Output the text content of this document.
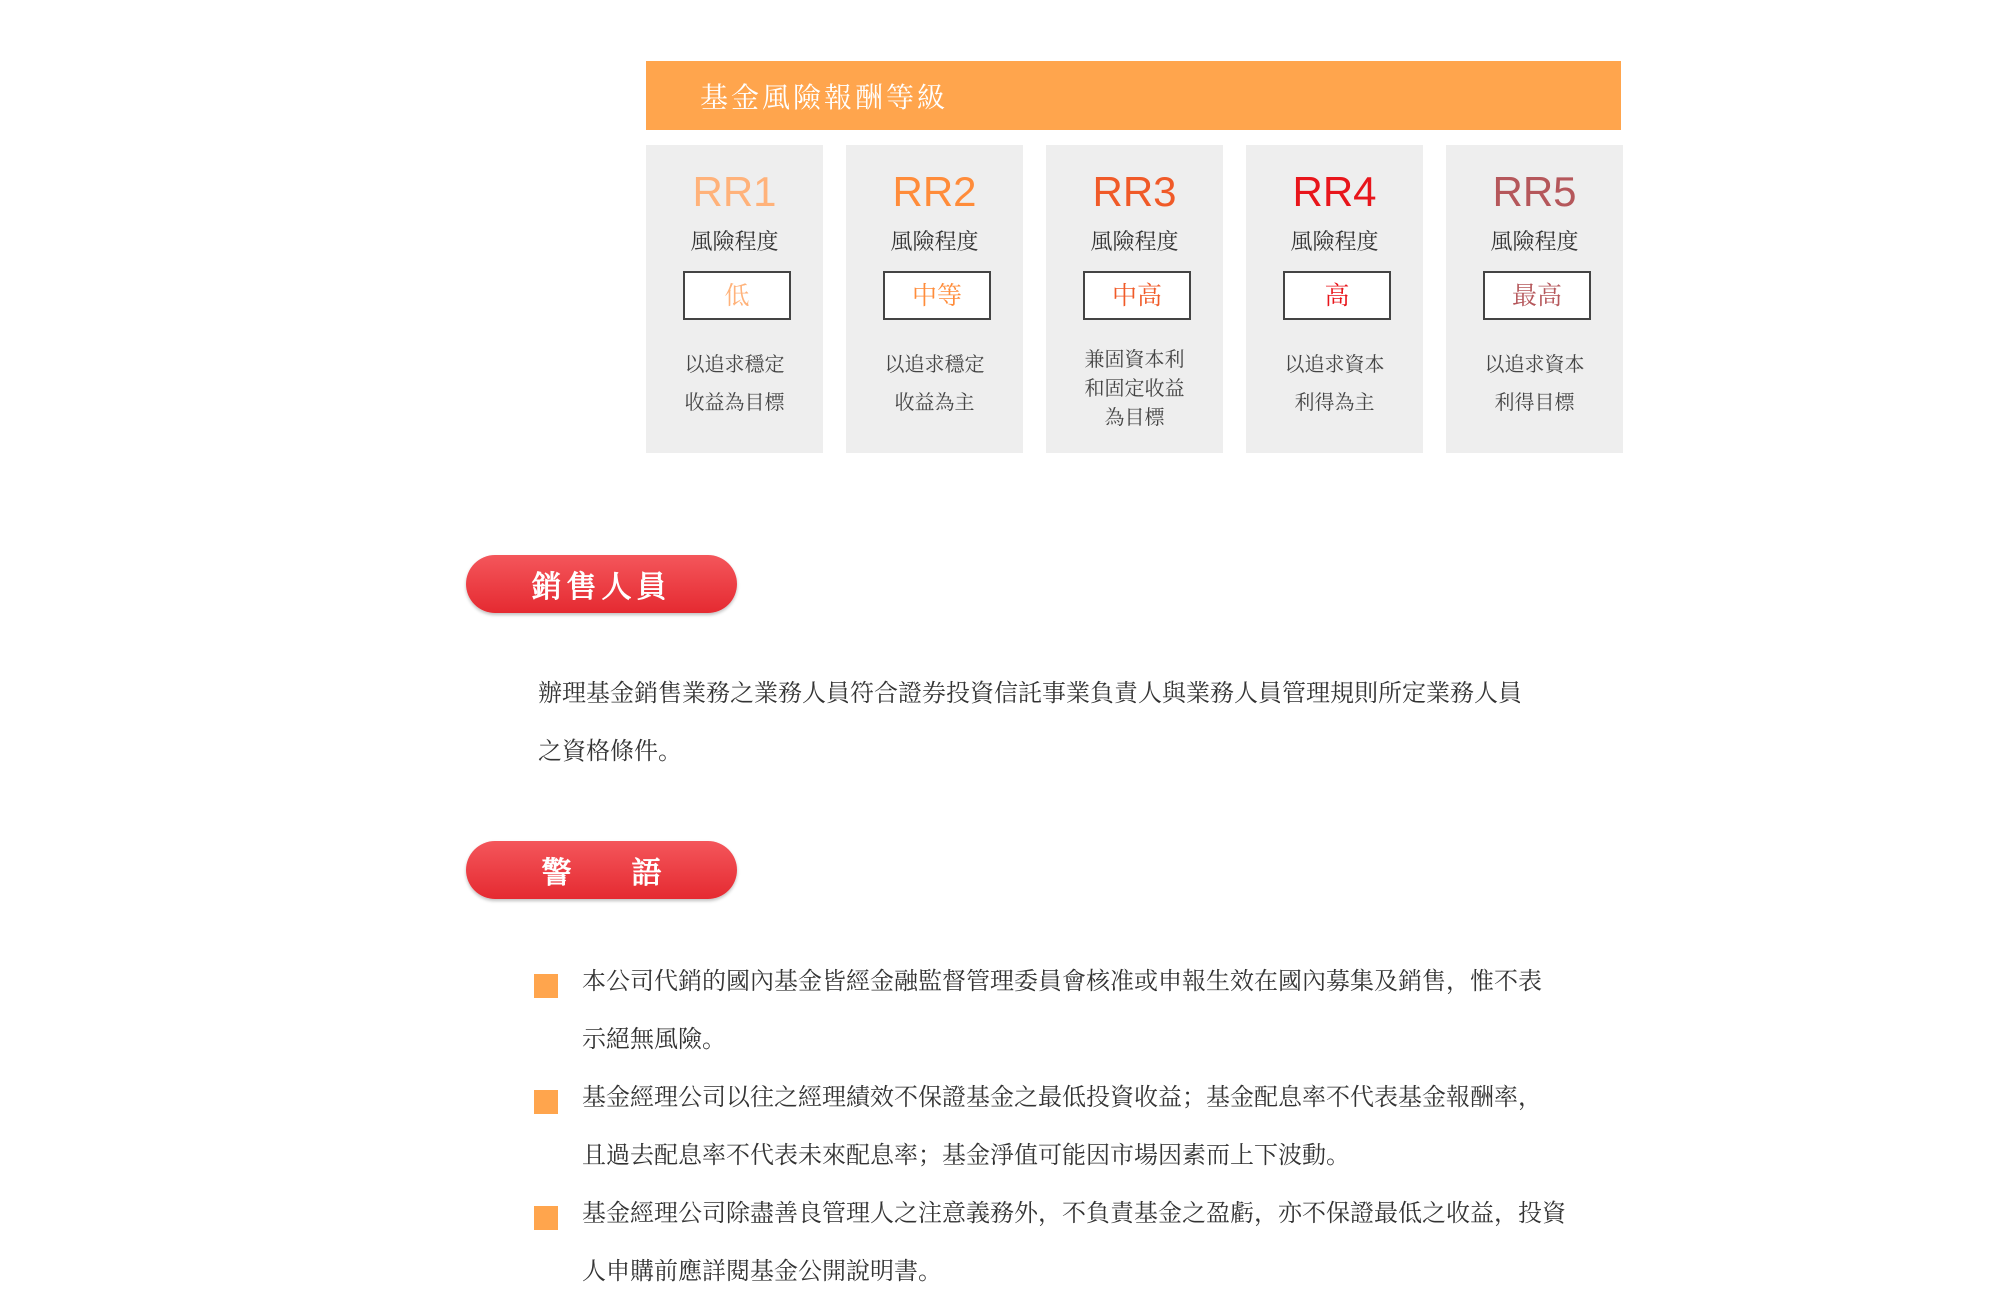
基金風險報酬等級
RR1
風險程度
低
以追求穩定
收益為目標
RR2
風險程度
中等
以追求穩定
收益為主
RR3
風險程度
中高
兼固資本利
和固定收益
為目標
RR4
風險程度
高
以追求資本
利得為主
RR5
風險程度
最高
以追求資本
利得目標
銷售人員
辦理基金銷售業務之業務人員符合證券投資信託事業負責人與業務人員管理規則所定業務人員
之資格條件。
警 語
本公司代銷的國內基金皆經金融監督管理委員會核准或申報生效在國內募集及銷售，惟不表
示絕無風險。
基金經理公司以往之經理績效不保證基金之最低投資收益；基金配息率不代表基金報酬率，
且過去配息率不代表未來配息率；基金淨值可能因市場因素而上下波動。
基金經理公司除盡善良管理人之注意義務外，不負責基金之盈虧，亦不保證最低之收益，投資
人申購前應詳閱基金公開說明書。
